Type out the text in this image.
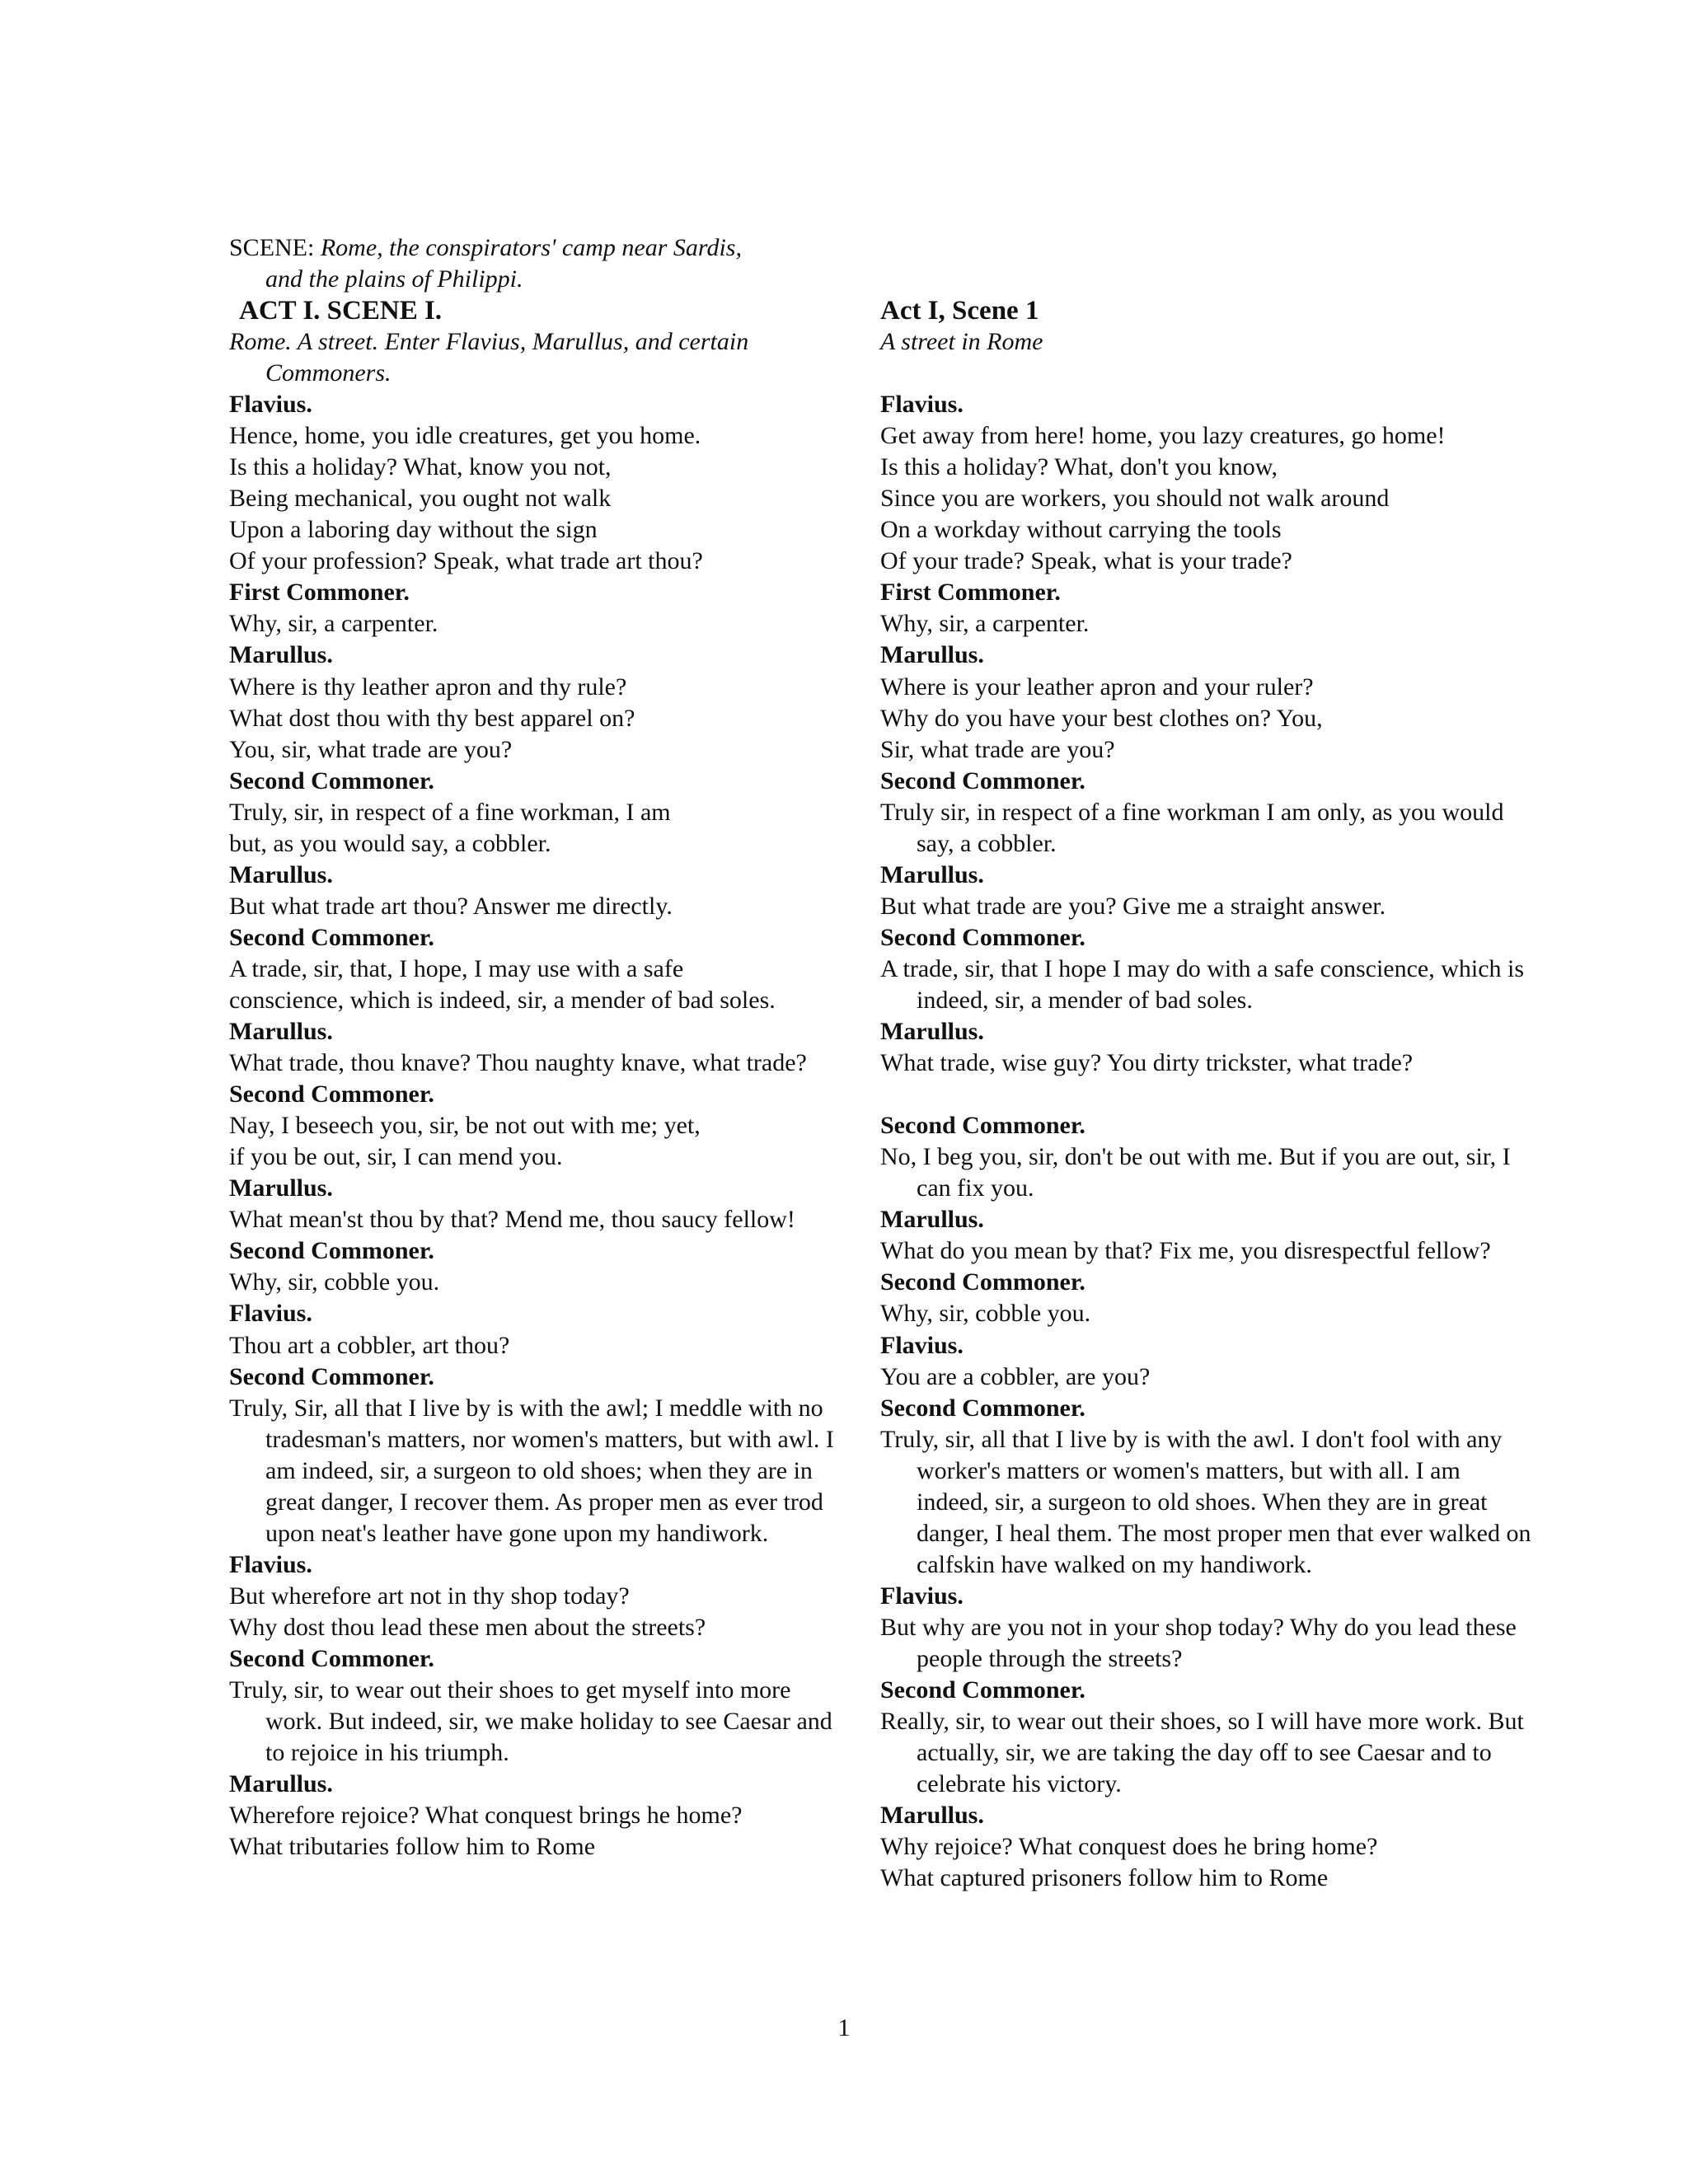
SCENE: Rome, the conspirators' camp near Sardis,
and the plains of Philippi.
ACT I. SCENE I.
Rome. A street. Enter Flavius, Marullus, and certain Commoners.
Flavius.
Hence, home, you idle creatures, get you home.
Is this a holiday? What, know you not,
Being mechanical, you ought not walk
Upon a laboring day without the sign
Of your profession? Speak, what trade art thou?
First Commoner.
Why, sir, a carpenter.
Marullus.
Where is thy leather apron and thy rule?
What dost thou with thy best apparel on?
You, sir, what trade are you?
Second Commoner.
Truly, sir, in respect of a fine workman, I am
but, as you would say, a cobbler.
Marullus.
But what trade art thou? Answer me directly.
Second Commoner.
A trade, sir, that, I hope, I may use with a safe
conscience, which is indeed, sir, a mender of bad soles.
Marullus.
What trade, thou knave? Thou naughty knave, what trade?
Second Commoner.
Nay, I beseech you, sir, be not out with me; yet,
if you be out, sir, I can mend you.
Marullus.
What mean'st thou by that? Mend me, thou saucy fellow!
Second Commoner.
Why, sir, cobble you.
Flavius.
Thou art a cobbler, art thou?
Second Commoner.
Truly, Sir, all that I live by is with the awl; I meddle with no tradesman's matters, nor women's matters, but with awl. I am indeed, sir, a surgeon to old shoes; when they are in great danger, I recover them. As proper men as ever trod upon neat's leather have gone upon my handiwork.
Flavius.
But wherefore art not in thy shop today?
Why dost thou lead these men about the streets?
Second Commoner.
Truly, sir, to wear out their shoes to get myself into more work. But indeed, sir, we make holiday to see Caesar and to rejoice in his triumph.
Marullus.
Wherefore rejoice? What conquest brings he home?
What tributaries follow him to Rome
Act I, Scene 1
A street in Rome
Flavius.
Get away from here! home, you lazy creatures, go home!
Is this a holiday? What, don't you know,
Since you are workers, you should not walk around
On a workday without carrying the tools
Of your trade? Speak, what is your trade?
First Commoner.
Why, sir, a carpenter.
Marullus.
Where is your leather apron and your ruler?
Why do you have your best clothes on? You,
Sir, what trade are you?
Second Commoner.
Truly sir, in respect of a fine workman I am only, as you would say, a cobbler.
Marullus.
But what trade are you? Give me a straight answer.
Second Commoner.
A trade, sir, that I hope I may do with a safe conscience, which is indeed, sir, a mender of bad soles.
Marullus.
What trade, wise guy? You dirty trickster, what trade?
Second Commoner.
No, I beg you, sir, don't be out with me. But if you are out, sir, I can fix you.
Marullus.
What do you mean by that? Fix me, you disrespectful fellow?
Second Commoner.
Why, sir, cobble you.
Flavius.
You are a cobbler, are you?
Second Commoner.
Truly, sir, all that I live by is with the awl. I don't fool with any worker's matters or women's matters, but with all. I am indeed, sir, a surgeon to old shoes. When they are in great danger, I heal them. The most proper men that ever walked on calfskin have walked on my handiwork.
Flavius.
But why are you not in your shop today? Why do you lead these people through the streets?
Second Commoner.
Really, sir, to wear out their shoes, so I will have more work. But actually, sir, we are taking the day off to see Caesar and to celebrate his victory.
Marullus.
Why rejoice? What conquest does he bring home?
What captured prisoners follow him to Rome
1
